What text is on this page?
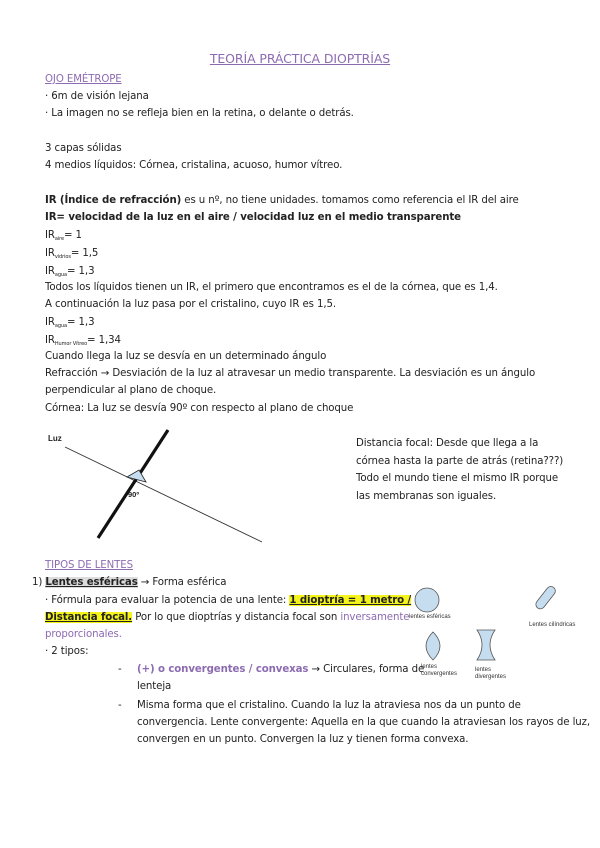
TEORÍA PRÁCTICA DIOPTRÍAS
OJO EMÉTROPE
· 6m de visión lejana
· La imagen no se refleja bien en la retina, o delante o detrás.
3 capas sólidas
4 medios líquidos: Córnea, cristalina, acuoso, humor vítreo.
IR (Índice de refracción) es u nº, no tiene unidades. tomamos como referencia el IR del aire
IR= velocidad de la luz en el aire / velocidad luz en el medio transparente
$IR_{aire}= 1$
$IR_{vidrios}= 1,5$
$IR_{agua}= 1,3$
Todos los líquidos tienen un IR, el primero que encontramos es el de la córnea, que es 1,4.
A continuación la luz pasa por el cristalino, cuyo IR es 1,5.
$IR_{agua}= 1,3$
$IR_{Humor Vítreo}= 1,34$
Cuando llega la luz se desvía en un determinado ángulo
Refracción → Desviación de la luz al atravesar un medio transparente. La desviación es un ángulo
perpendicular al plano de choque.
Córnea: La luz se desvía 90º con respecto al plano de choque
Luz
90º
Distancia focal: Desde que llega a la
córnea hasta la parte de atrás (retina???)
Todo el mundo tiene el mismo IR porque
las membranas son iguales.
TIPOS DE LENTES
1) Lentes esféricas → Forma esférica
· Fórmula para evaluar la potencia de una lente: 1 dioptría = 1 metro /
Distancia focal. Por lo que dioptrías y distancia focal son inversamente
proporcionales.
· 2 tipos:
- (+) o convergentes / convexas → Circulares, forma de
lenteja
- Misma forma que el cristalino. Cuando la luz la atraviesa nos da un punto de
convergencia. Lente convergente: Aquella en la que cuando la atraviesan los rayos de luz,
convergen en un punto. Convergen la luz y tienen forma convexa.
lentes esféricas
Lentes cilíndricas
lentes
convergentes
lentes
divergentes
